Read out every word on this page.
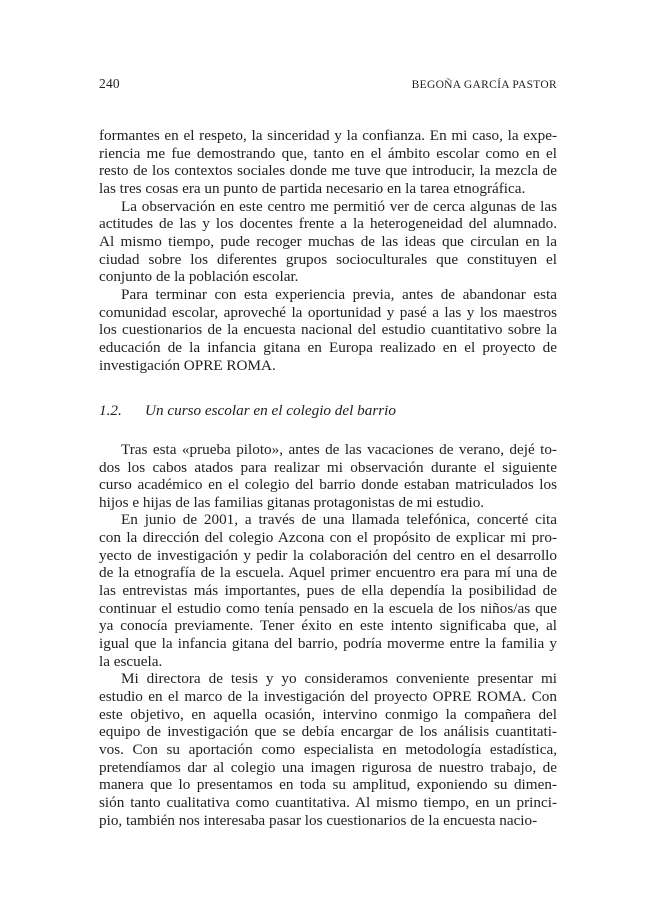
240	BEGOÑA GARCÍA PASTOR
formantes en el respeto, la sinceridad y la confianza. En mi caso, la expe-
riencia me fue demostrando que, tanto en el ámbito escolar como en el
resto de los contextos sociales donde me tuve que introducir, la mezcla de
las tres cosas era un punto de partida necesario en la tarea etnográfica.
La observación en este centro me permitió ver de cerca algunas de las
actitudes de las y los docentes frente a la heterogeneidad del alumnado.
Al mismo tiempo, pude recoger muchas de las ideas que circulan en la
ciudad sobre los diferentes grupos socioculturales que constituyen el
conjunto de la población escolar.
Para terminar con esta experiencia previa, antes de abandonar esta
comunidad escolar, aproveché la oportunidad y pasé a las y los maestros
los cuestionarios de la encuesta nacional del estudio cuantitativo sobre la
educación de la infancia gitana en Europa realizado en el proyecto de
investigación OPRE ROMA.
1.2. Un curso escolar en el colegio del barrio
Tras esta «prueba piloto», antes de las vacaciones de verano, dejé to-
dos los cabos atados para realizar mi observación durante el siguiente
curso académico en el colegio del barrio donde estaban matriculados los
hijos e hijas de las familias gitanas protagonistas de mi estudio.
En junio de 2001, a través de una llamada telefónica, concerté cita
con la dirección del colegio Azcona con el propósito de explicar mi pro-
yecto de investigación y pedir la colaboración del centro en el desarrollo
de la etnografía de la escuela. Aquel primer encuentro era para mí una de
las entrevistas más importantes, pues de ella dependía la posibilidad de
continuar el estudio como tenía pensado en la escuela de los niños/as que
ya conocía previamente. Tener éxito en este intento significaba que, al
igual que la infancia gitana del barrio, podría moverme entre la familia y
la escuela.
Mi directora de tesis y yo consideramos conveniente presentar mi
estudio en el marco de la investigación del proyecto OPRE ROMA. Con
este objetivo, en aquella ocasión, intervino conmigo la compañera del
equipo de investigación que se debía encargar de los análisis cuantitati-
vos. Con su aportación como especialista en metodología estadística,
pretendíamos dar al colegio una imagen rigurosa de nuestro trabajo, de
manera que lo presentamos en toda su amplitud, exponiendo su dimen-
sión tanto cualitativa como cuantitativa. Al mismo tiempo, en un princi-
pio, también nos interesaba pasar los cuestionarios de la encuesta nacio-
